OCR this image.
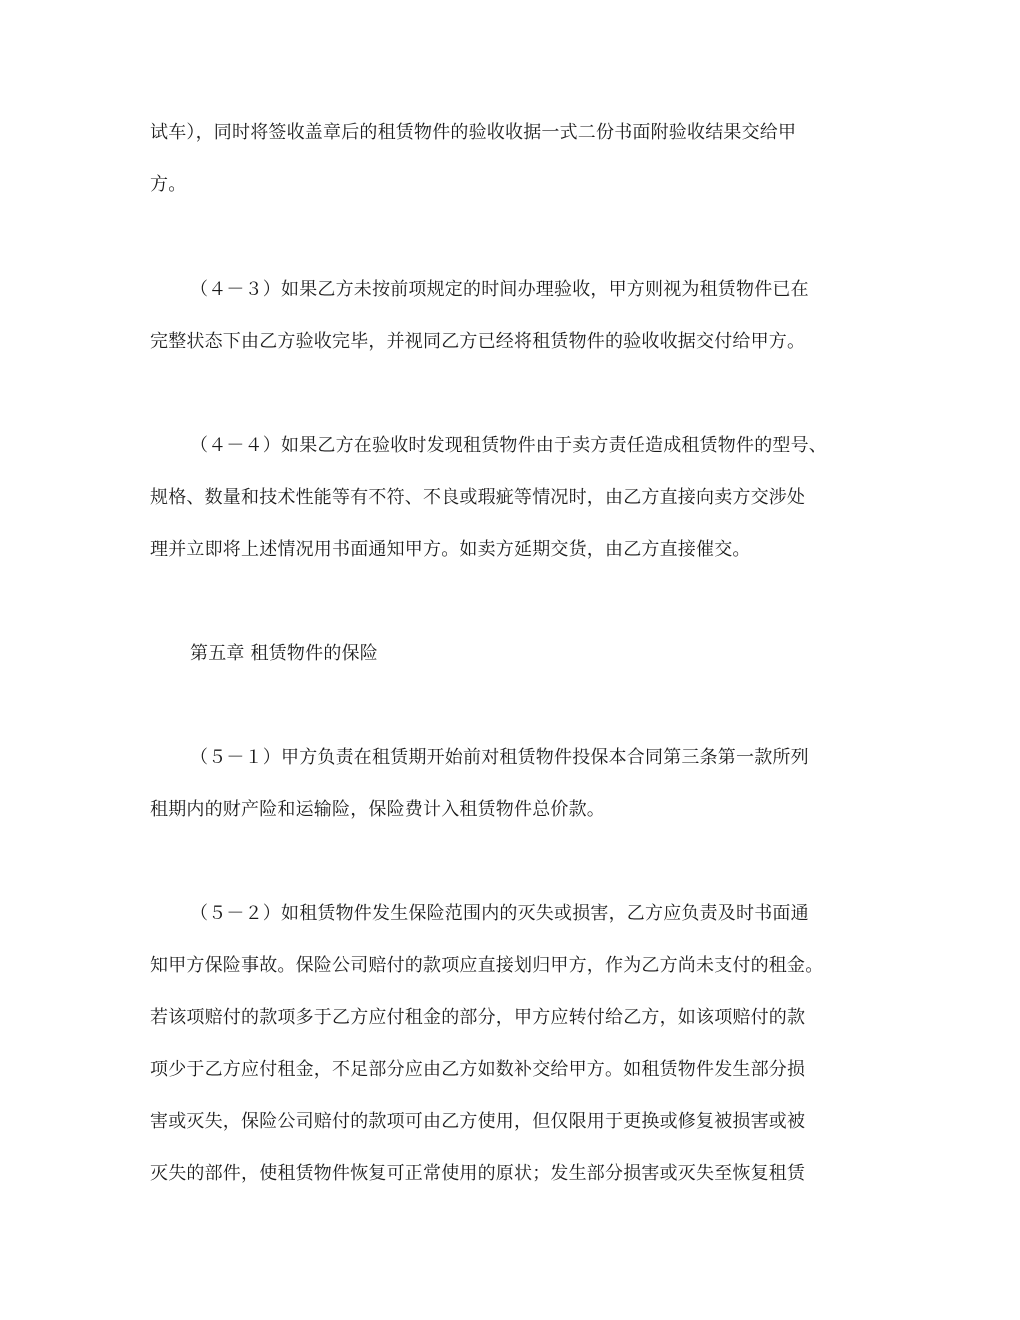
试车），同时将签收盖章后的租赁物件的验收收据一式二份书面附验收结果交给甲
方。
（４－３）如果乙方未按前项规定的时间办理验收，甲方则视为租赁物件已在
完整状态下由乙方验收完毕，并视同乙方已经将租赁物件的验收收据交付给甲方。
（４－４）如果乙方在验收时发现租赁物件由于卖方责任造成租赁物件的型号、
规格、数量和技术性能等有不符、不良或瑕疵等情况时，由乙方直接向卖方交涉处
理并立即将上述情况用书面通知甲方。如卖方延期交货，由乙方直接催交。
第五章 租赁物件的保险
（５－１）甲方负责在租赁期开始前对租赁物件投保本合同第三条第一款所列
租期内的财产险和运输险，保险费计入租赁物件总价款。
（５－２）如租赁物件发生保险范围内的灭失或损害，乙方应负责及时书面通
知甲方保险事故。保险公司赔付的款项应直接划归甲方，作为乙方尚未支付的租金。
若该项赔付的款项多于乙方应付租金的部分，甲方应转付给乙方，如该项赔付的款
项少于乙方应付租金，不足部分应由乙方如数补交给甲方。如租赁物件发生部分损
害或灭失，保险公司赔付的款项可由乙方使用，但仅限用于更换或修复被损害或被
灭失的部件，使租赁物件恢复可正常使用的原状；发生部分损害或灭失至恢复租赁
